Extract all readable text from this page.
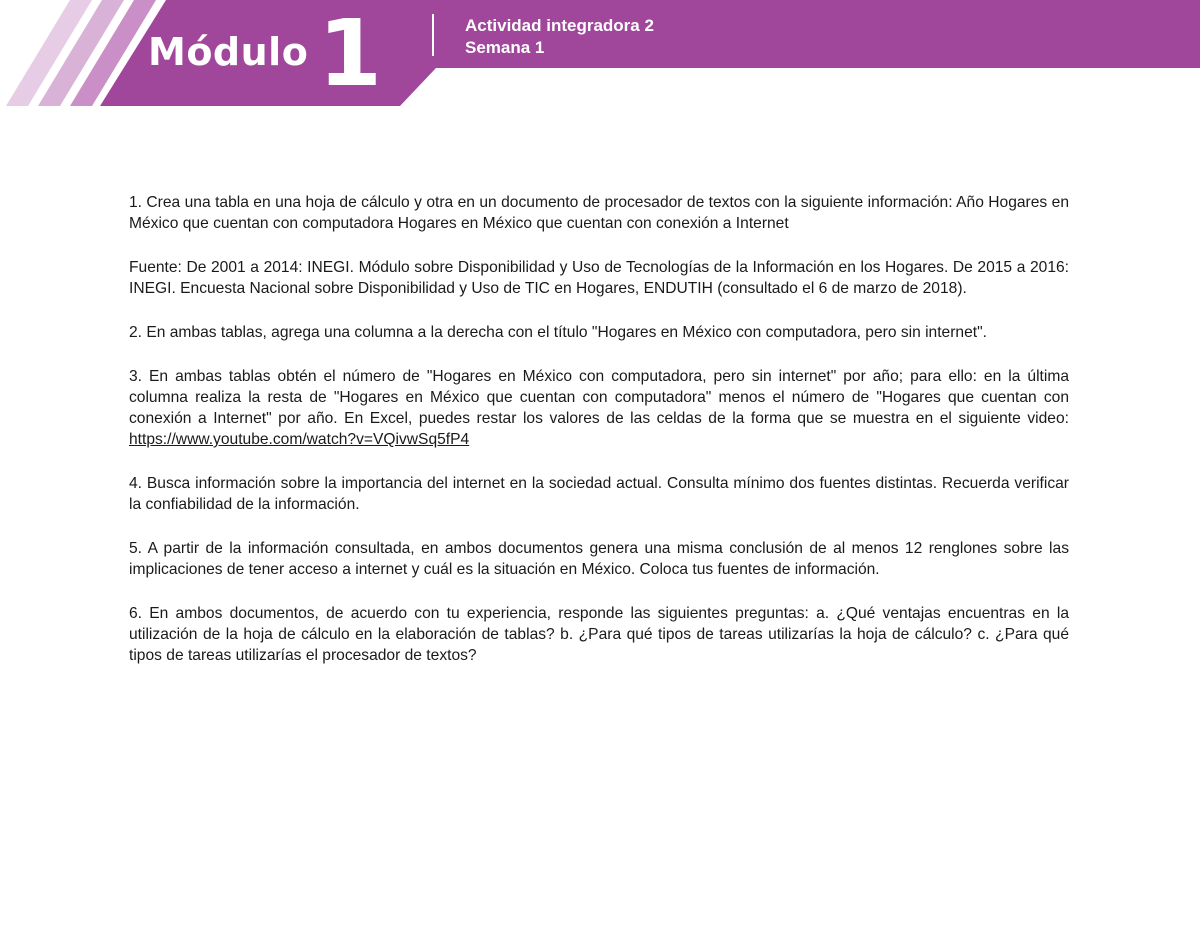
Módulo 1	Actividad integradora 2
Semana 1

1. Crea una tabla en una hoja de cálculo y otra en un documento de procesador de textos con la siguiente información: Año Hogares en México que cuentan con computadora Hogares en México que cuentan con conexión a Internet

Fuente: De 2001 a 2014: INEGI. Módulo sobre Disponibilidad y Uso de Tecnologías de la Información en los Hogares. De 2015 a 2016: INEGI. Encuesta Nacional sobre Disponibilidad y Uso de TIC en Hogares, ENDUTIH (consultado el 6 de marzo de 2018).

2. En ambas tablas, agrega una columna a la derecha con el título "Hogares en México con computadora, pero sin internet".

3. En ambas tablas obtén el número de "Hogares en México con computadora, pero sin internet" por año; para ello: en la última columna realiza la resta de "Hogares en México que cuentan con computadora" menos el número de "Hogares que cuentan con conexión a Internet" por año. En Excel, puedes restar los valores de las celdas de la forma que se muestra en el siguiente video: https://www.youtube.com/watch?v=VQivwSq5fP4

4. Busca información sobre la importancia del internet en la sociedad actual. Consulta mínimo dos fuentes distintas. Recuerda verificar la confiabilidad de la información.

5. A partir de la información consultada, en ambos documentos genera una misma conclusión de al menos 12 renglones sobre las implicaciones de tener acceso a internet y cuál es la situación en México. Coloca tus fuentes de información.

6. En ambos documentos, de acuerdo con tu experiencia, responde las siguientes preguntas: a. ¿Qué ventajas encuentras en la utilización de la hoja de cálculo en la elaboración de tablas? b. ¿Para qué tipos de tareas utilizarías la hoja de cálculo? c. ¿Para qué tipos de tareas utilizarías el procesador de textos?
